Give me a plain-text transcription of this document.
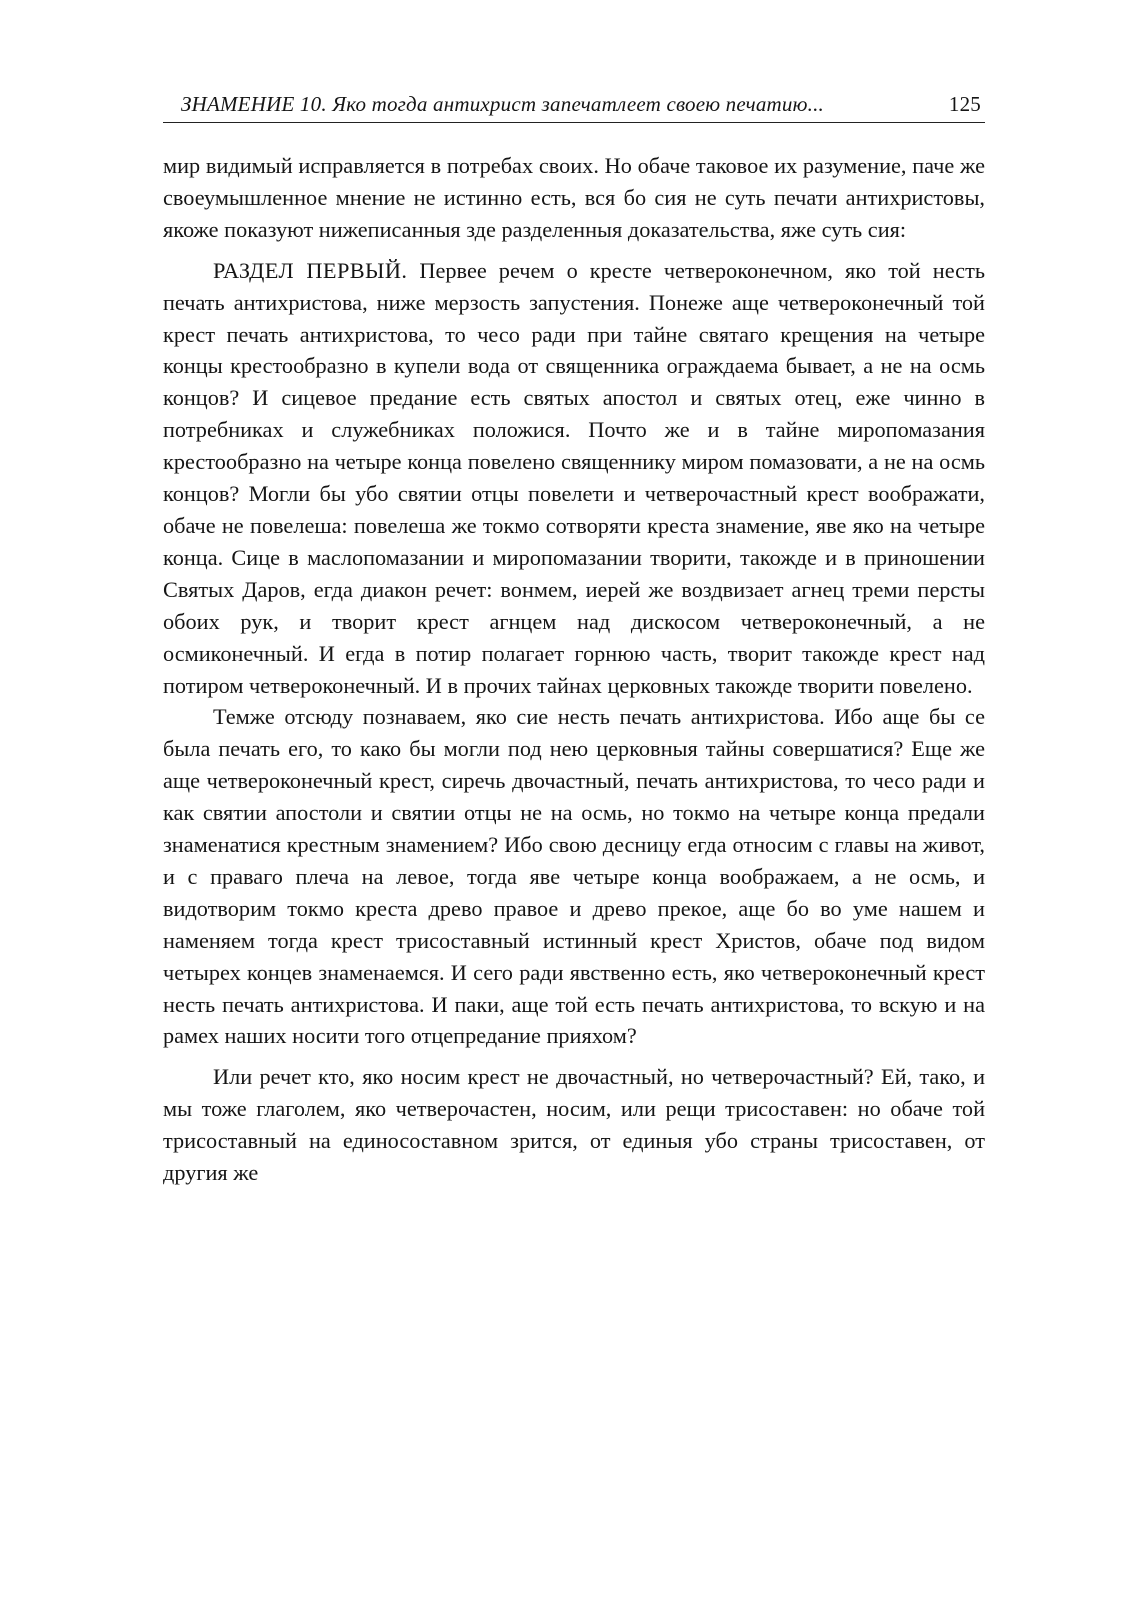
ЗНАМЕНИЕ 10. Яко тогда антихрист запечатлеет своею печатию...	125

мир видимый исправляется в потребах своих. Но обаче таковое их разумение, паче же своеумышленное мнение не истинно есть, вся бо сия не суть печати антихристовы, якоже показуют нижеписанныя зде разделенныя доказательства, яже суть сия:

РАЗДЕЛ ПЕРВЫЙ. Первее речем о кресте четвероконечном, яко той несть печать антихристова, ниже мерзость запустения. Понеже аще четвероконечный той крест печать антихристова, то чесо ради при тайне святаго крещения на четыре концы крестообразно в купели вода от священника ограждаема бывает, а не на осмь концов? И сицевое предание есть святых апостол и святых отец, еже чинно в потребниках и служебниках положися. Почто же и в тайне миропомазания крестообразно на четыре конца повелено священнику миром помазовати, а не на осмь концов? Могли бы убо святии отцы повелети и четверочастный крест воображати, обаче не повелеша: повелеша же токмо сотворяти креста знамение, яве яко на четыре конца. Сице в маслопомазании и миропомазании творити, такожде и в приношении Святых Даров, егда диакон речет: вонмем, иерей же воздвизает агнец треми персты обоих рук, и творит крест агнцем над дискосом четвероконечный, а не осмиконечный. И егда в потир полагает горнюю часть, творит такожде крест над потиром четвероконечный. И в прочих тайнах церковных такожде творити повелено.

Темже отсюду познаваем, яко сие несть печать антихристова. Ибо аще бы се была печать его, то како бы могли под нею церковныя тайны совершатися? Еще же аще четвероконечный крест, сиречь двочастный, печать антихристова, то чесо ради и как святии апостоли и святии отцы не на осмь, но токмо на четыре конца предали знаменатися крестным знамением? Ибо свою десницу егда относим с главы на живот, и с праваго плеча на левое, тогда яве четыре конца воображаем, а не осмь, и видотворим токмо креста древо правое и древо прекое, аще бо во уме нашем и наменяем тогда крест трисоставный истинный крест Христов, обаче под видом четырех концев знаменаемся. И сего ради явственно есть, яко четвероконечный крест несть печать антихристова. И паки, аще той есть печать антихристова, то вскую и на рамех наших носити того отцепредание прияхом?

Или речет кто, яко носим крест не двочастный, но четверочастный? Ей, тако, и мы тоже глаголем, яко четверочастен, носим, или рещи трисоставен: но обаче той трисоставный на единосоставном зрится, от единыя убо страны трисоставен, от другия же
